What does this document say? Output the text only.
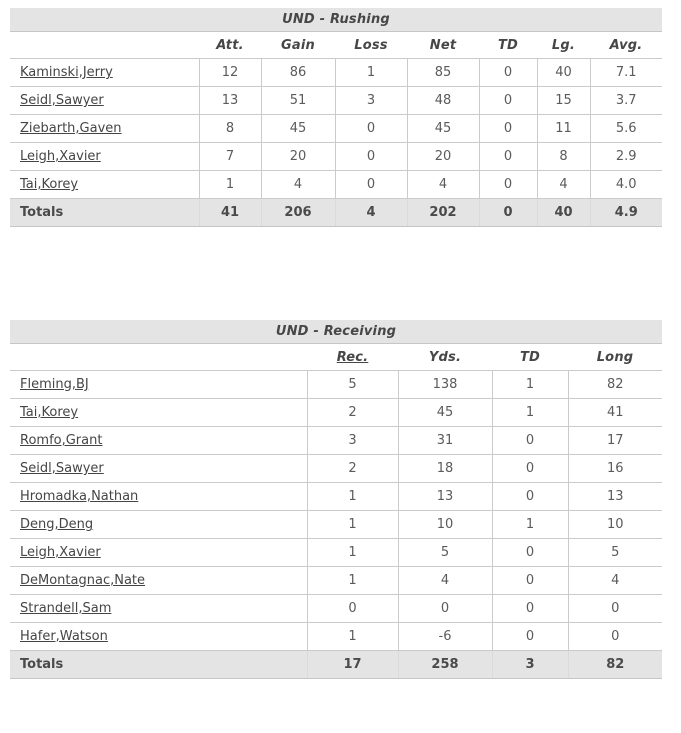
UND - Rushing
	Att.	Gain	Loss	Net	TD	Lg.	Avg.
Kaminski,Jerry	12	86	1	85	0	40	7.1
Seidl,Sawyer	13	51	3	48	0	15	3.7
Ziebarth,Gaven	8	45	0	45	0	11	5.6
Leigh,Xavier	7	20	0	20	0	8	2.9
Tai,Korey	1	4	0	4	0	4	4.0
Totals	41	206	4	202	0	40	4.9
UND - Receiving
	Rec.	Yds.	TD	Long
Fleming,BJ	5	138	1	82
Tai,Korey	2	45	1	41
Romfo,Grant	3	31	0	17
Seidl,Sawyer	2	18	0	16
Hromadka,Nathan	1	13	0	13
Deng,Deng	1	10	1	10
Leigh,Xavier	1	5	0	5
DeMontagnac,Nate	1	4	0	4
Strandell,Sam	0	0	0	0
Hafer,Watson	1	-6	0	0
Totals	17	258	3	82
